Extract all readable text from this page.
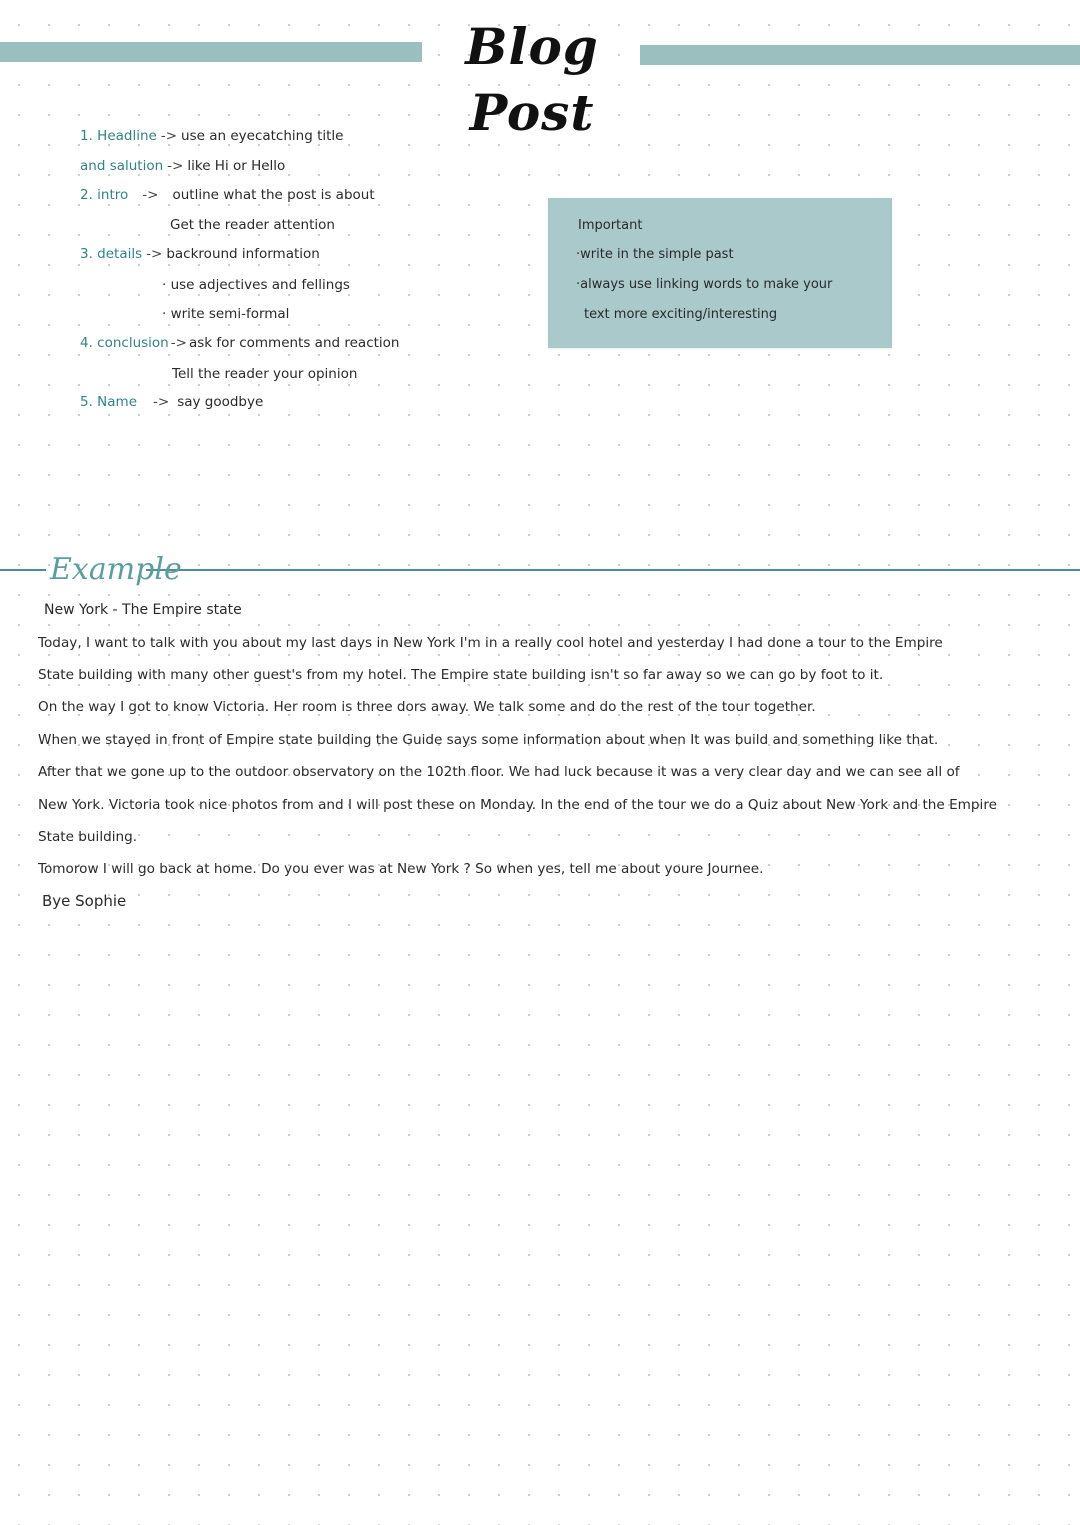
Blog Post
1. Headline -> use an eyecatching title
and salution -> like Hi or Hello
2. intro -> outline what the post is about
Get the reader attention
3. details -> backround information
· use adjectives and fellings
· write semi-formal
4. conclusion -> ask for comments and reaction
Tell the reader your opinion
5. Name -> say goodbye
Important
·write in the simple past
·always use linking words to make your
text more exciting/interesting
Example
New York - The Empire state
Today, I want to talk with you about my last days in New York I'm in a really cool hotel and yesterday I had done a tour to the Empire
State building with many other guest's from my hotel. The Empire state building isn't so far away so we can go by foot to it.
On the way I got to know Victoria. Her room is three dors away. We talk some and do the rest of the tour together.
When we stayed in front of Empire state building the Guide says some information about when It was build and something like that.
After that we gone up to the outdoor observatory on the 102th floor. We had luck because it was a very clear day and we can see all of
New York. Victoria took nice photos from and I will post these on Monday. In the end of the tour we do a Quiz about New York and the Empire
State building.
Tomorow I will go back at home. Do you ever was at New York ? So when yes, tell me about youre Journee.
Bye Sophie
